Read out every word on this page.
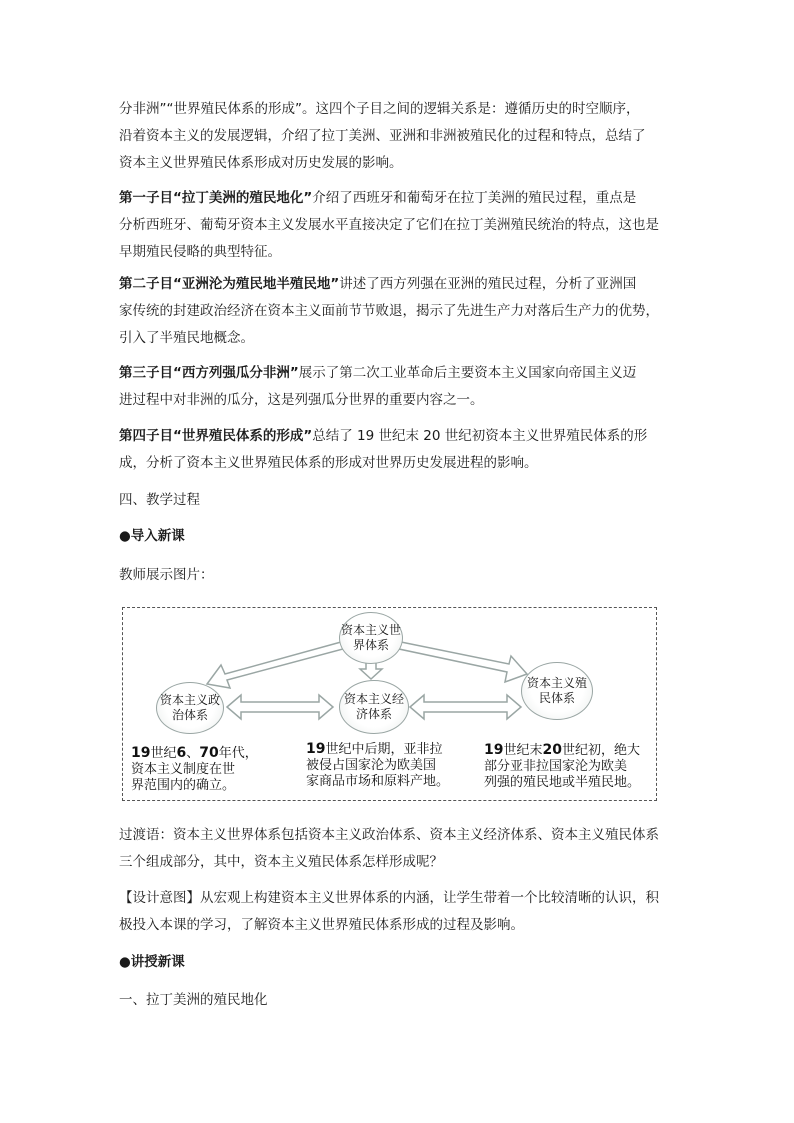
分非洲”“世界殖民体系的形成”。这四个子目之间的逻辑关系是：遵循历史的时空顺序，
沿着资本主义的发展逻辑，介绍了拉丁美洲、亚洲和非洲被殖民化的过程和特点，总结了
资本主义世界殖民体系形成对历史发展的影响。

第一子目“拉丁美洲的殖民地化”介绍了西班牙和葡萄牙在拉丁美洲的殖民过程，重点是
分析西班牙、葡萄牙资本主义发展水平直接决定了它们在拉丁美洲殖民统治的特点，这也是
早期殖民侵略的典型特征。

第二子目“亚洲沦为殖民地半殖民地”讲述了西方列强在亚洲的殖民过程，分析了亚洲国
家传统的封建政治经济在资本主义面前节节败退，揭示了先进生产力对落后生产力的优势，
引入了半殖民地概念。

第三子目“西方列强瓜分非洲”展示了第二次工业革命后主要资本主义国家向帝国主义迈
进过程中对非洲的瓜分，这是列强瓜分世界的重要内容之一。

第四子目“世界殖民体系的形成”总结了 19 世纪末 20 世纪初资本主义世界殖民体系的形
成，分析了资本主义世界殖民体系的形成对世界历史发展进程的影响。

四、教学过程

●导入新课

教师展示图片：

资本主义世界体系
资本主义政治体系
资本主义经济体系
资本主义殖民体系
19世纪6、70年代，
资本主义制度在世
界范围内的确立。
19世纪中后期，亚非拉
被侵占国家沦为欧美国
家商品市场和原料产地。
19世纪末20世纪初，绝大
部分亚非拉国家沦为欧美
列强的殖民地或半殖民地。

过渡语：资本主义世界体系包括资本主义政治体系、资本主义经济体系、资本主义殖民体系
三个组成部分，其中，资本主义殖民体系怎样形成呢？

【设计意图】从宏观上构建资本主义世界体系的内涵，让学生带着一个比较清晰的认识，积
极投入本课的学习，了解资本主义世界殖民体系形成的过程及影响。

●讲授新课

一、拉丁美洲的殖民地化
